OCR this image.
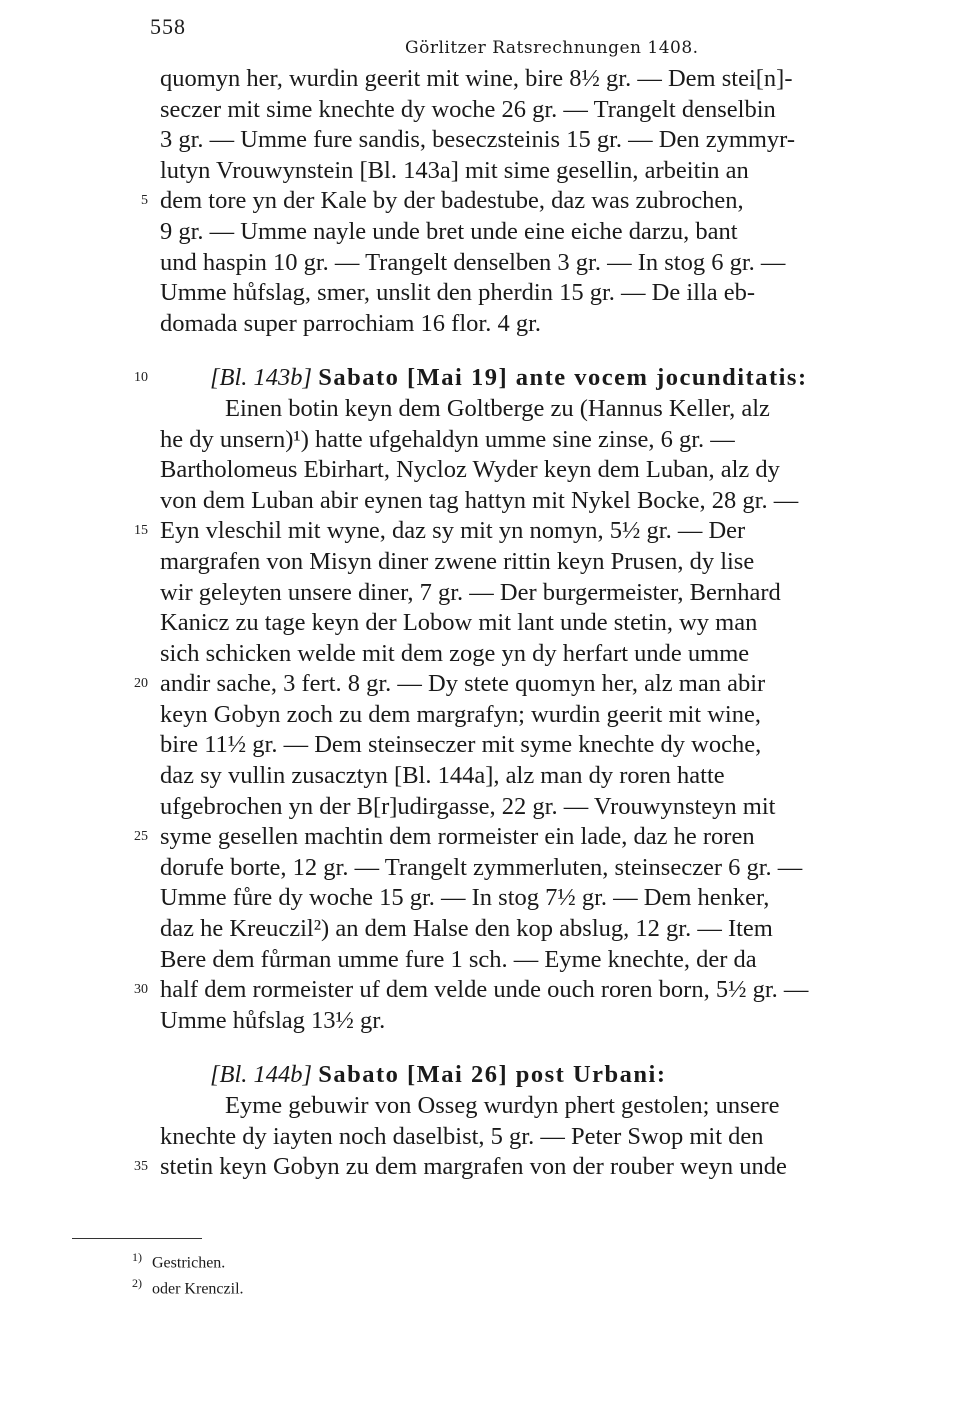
558
Görlitzer Ratsrechnungen 1408.
quomyn her, wurdin geerit mit wine, bire 8½ gr. — Dem stei[n]-
seczer mit sime knechte dy woche 26 gr. — Trangelt denselbin
3 gr. — Umme fure sandis, beseczsteinis 15 gr. — Den zymmyr-
lutyn Vrouwynstein [Bl. 143a] mit sime gesellin, arbeitin an
5 dem tore yn der Kale by der badestube, daz was zubrochen,
9 gr. — Umme nayle unde bret unde eine eiche darzu, bant
und haspin 10 gr. — Trangelt denselben 3 gr. — In stog 6 gr. —
Umme hůfslag, smer, unslit den pherdin 15 gr. — De illa eb-
domada super parrochiam 16 flor. 4 gr.
10	[Bl. 143b] Sabato [Mai 19] ante vocem jocunditatis:
Einen botin keyn dem Goltberge zu (Hannus Keller, alz
he dy unsern)¹) hatte ufgehaldyn umme sine zinse, 6 gr. —
Bartholomeus Ebirhart, Nycloz Wyder keyn dem Luban, alz dy
von dem Luban abir eynen tag hattyn mit Nykel Bocke, 28 gr. —
15 Eyn vleschil mit wyne, daz sy mit yn nomyn, 5½ gr. — Der
margrafen von Misyn diner zwene rittin keyn Prusen, dy lise
wir geleyten unsere diner, 7 gr. — Der burgermeister, Bernhard
Kanicz zu tage keyn der Lobow mit lant unde stetin, wy man
sich schicken welde mit dem zoge yn dy herfart unde umme
20 andir sache, 3 fert. 8 gr. — Dy stete quomyn her, alz man abir
keyn Gobyn zoch zu dem margrafyn; wurdin geerit mit wine,
bire 11½ gr. — Dem steinseczer mit syme knechte dy woche,
daz sy vullin zusacztyn [Bl. 144a], alz man dy roren hatte
ufgebrochen yn der B[r]udirgasse, 22 gr. — Vrouwynsteyn mit
25 syme gesellen machtin dem rormeister ein lade, daz he roren
dorufe borte, 12 gr. — Trangelt zymmerluten, steinseczer 6 gr. —
Umme fůre dy woche 15 gr. — In stog 7½ gr. — Dem henker,
daz he Kreuczil²) an dem Halse den kop abslug, 12 gr. — Item
Bere dem fůrman umme fure 1 sch. — Eyme knechte, der da
30 half dem rormeister uf dem velde unde ouch roren born, 5½ gr. —
Umme hůfslag 13½ gr.
[Bl. 144b] Sabato [Mai 26] post Urbani:
Eyme gebuwir von Osseg wurdyn phert gestolen; unsere
knechte dy iayten noch daselbist, 5 gr. — Peter Swop mit den
35 stetin keyn Gobyn zu dem margrafen von der rouber weyn unde
$^{1)}$ Gestrichen.
$^{2)}$ oder Krenczil.
